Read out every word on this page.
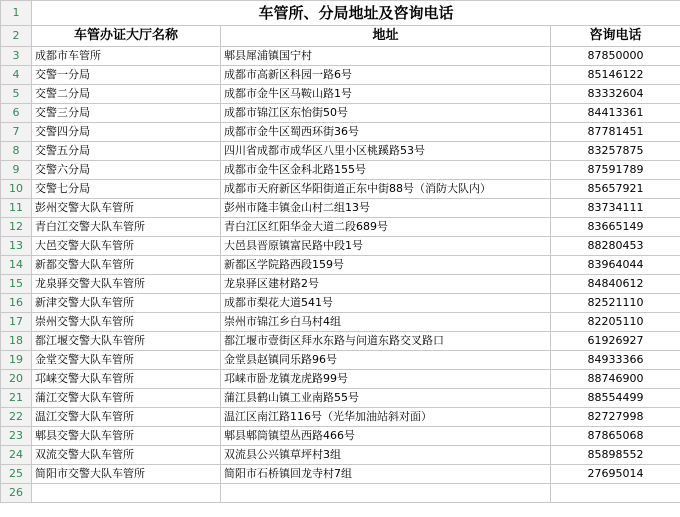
1	车管所、分局地址及咨询电话		
2	车管办证大厅名称	地址	咨询电话
3	成都市车管所	郫县犀浦镇国宁村	87850000
4	交警一分局	成都市高新区科园一路6号	85146122
5	交警二分局	成都市金牛区马鞍山路1号	83332604
6	交警三分局	成都市锦江区东怡街50号	84413361
7	交警四分局	成都市金牛区蜀西环街36号	87781451
8	交警五分局	四川省成都市成华区八里小区桃蹊路53号	83257875
9	交警六分局	成都市金牛区金科北路155号	87591789
10	交警七分局	成都市天府新区华阳街道正东中街88号（消防大队内）	85657921
11	彭州交警大队车管所	彭州市隆丰镇金山村二组13号	83734111
12	青白江交警大队车管所	青白江区红阳华金大道二段689号	83665149
13	大邑交警大队车管所	大邑县晋原镇富民路中段1号	88280453
14	新都交警大队车管所	新都区学院路西段159号	83964044
15	龙泉驿交警大队车管所	龙泉驿区建材路2号	84840612
16	新津交警大队车管所	成都市梨花大道541号	82521110
17	崇州交警大队车管所	崇州市锦江乡白马村4组	82205110
18	都江堰交警大队车管所	都江堰市壹街区拜水东路与问道东路交叉路口	61926927
19	金堂交警大队车管所	金堂县赵镇同乐路96号	84933366
20	邛崃交警大队车管所	邛崃市卧龙镇龙虎路99号	88746900
21	蒲江交警大队车管所	蒲江县鹤山镇工业南路55号	88554499
22	温江交警大队车管所	温江区南江路116号（光华加油站斜对面）	82727998
23	郫县交警大队车管所	郫县郫筒镇望丛西路466号	87865068
24	双流交警大队车管所	双流县公兴镇草坪村3组	85898552
25	简阳市交警大队车管所	简阳市石桥镇回龙寺村7组	27695014
26			
